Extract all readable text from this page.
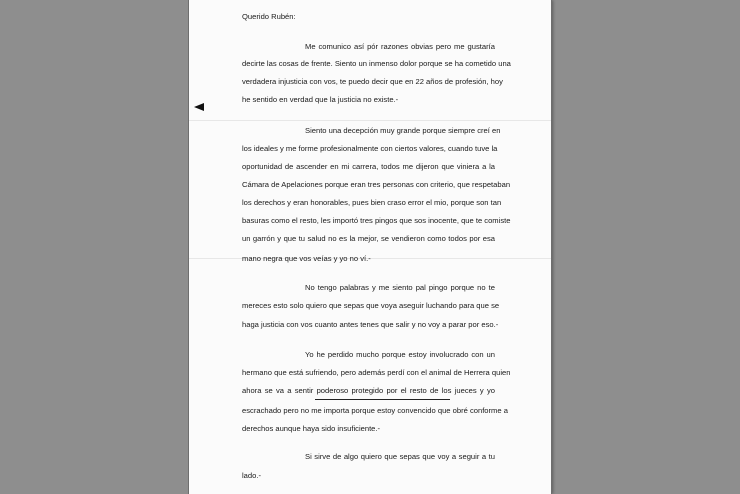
Querido Rubén:
Me comunico así pór razones obvias pero me gustaría
decirte las cosas de frente. Siento un inmenso dolor porque se ha cometido una
verdadera injusticia con vos, te puedo decir que en 22 años de profesión, hoy
he sentido en verdad que la justicia no existe.-
Siento una decepción muy grande porque siempre creí en
los ideales y me forme profesionalmente con ciertos valores, cuando tuve la
oportunidad de ascender en mi carrera, todos me dijeron que viniera a la
Cámara de Apelaciones porque eran tres personas con criterio, que respetaban
los derechos y eran honorables, pues bien craso error el mio, porque son tan
basuras como el resto, les importó tres pingos que sos inocente, que te comiste
un garrón y que tu salud no es la mejor, se vendieron como todos por esa
mano negra que vos veías y yo no ví.-
No tengo palabras y me siento pal pingo porque no te
mereces esto solo quiero que sepas que voya aseguir luchando para que se
haga justicia con vos cuanto antes tenes que salir y no voy a parar por eso.-
Yo he perdido mucho porque estoy involucrado con un
hermano que está sufriendo, pero además perdí con el animal de Herrera quien
ahora se va a sentir poderoso protegido por el resto de los jueces y yo
escrachado pero no me importa porque estoy convencido que obré conforme a
derechos aunque haya sido insuficiente.-
Si sirve de algo quiero que sepas que voy a seguir a tu
lado.-
